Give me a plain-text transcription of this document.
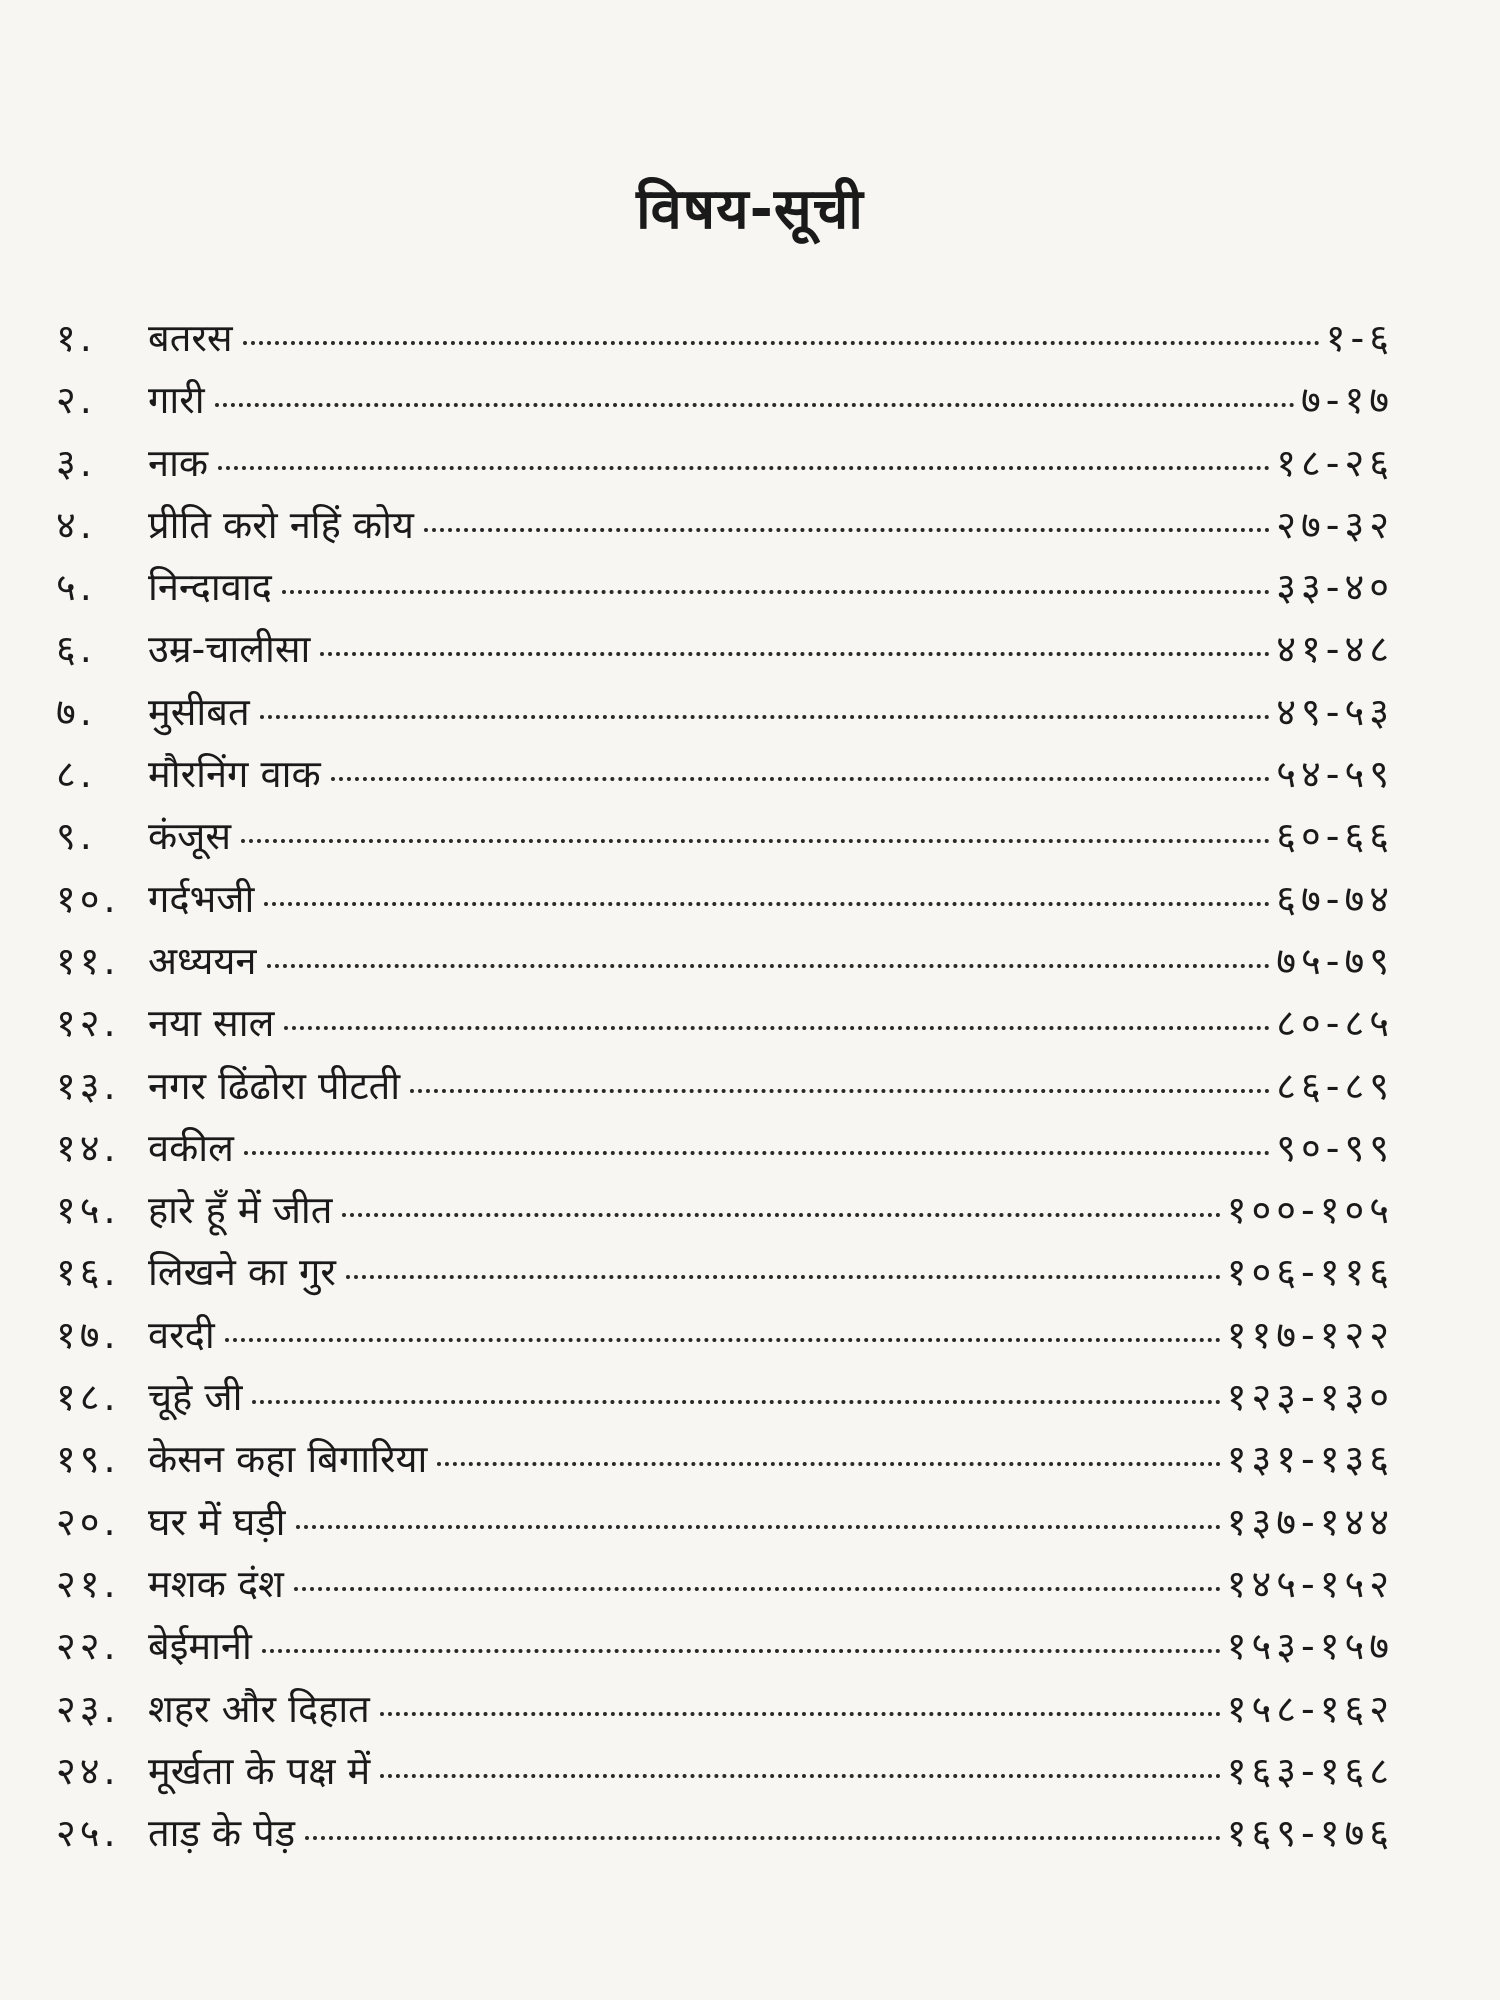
विषय-सूची
१.	बतरस	१-६
२.	गारी	७-१७
३.	नाक	१८-२६
४.	प्रीति करो नहिं कोय	२७-३२
५.	निन्दावाद	३३-४०
६.	उम्र-चालीसा	४१-४८
७.	मुसीबत	४९-५३
८.	मौरनिंग वाक	५४-५९
९.	कंजूस	६०-६६
१०. गर्दभजी	६७-७४
११. अध्ययन	७५-७९
१२. नया साल	८०-८५
१३. नगर ढिंढोरा पीटती	८६-८९
१४. वकील	९०-९९
१५. हारे हूँ में जीत	१००-१०५
१६. लिखने का गुर	१०६-११६
१७. वरदी	११७-१२२
१८. चूहे जी	१२३-१३०
१९. केसन कहा बिगारिया	१३१-१३६
२०. घर में घड़ी	१३७-१४४
२१. मशक दंश	१४५-१५२
२२. बेईमानी	१५३-१५७
२३. शहर और दिहात	१५८-१६२
२४. मूर्खता के पक्ष में	१६३-१६८
२५. ताड़ के पेड़	१६९-१७६
